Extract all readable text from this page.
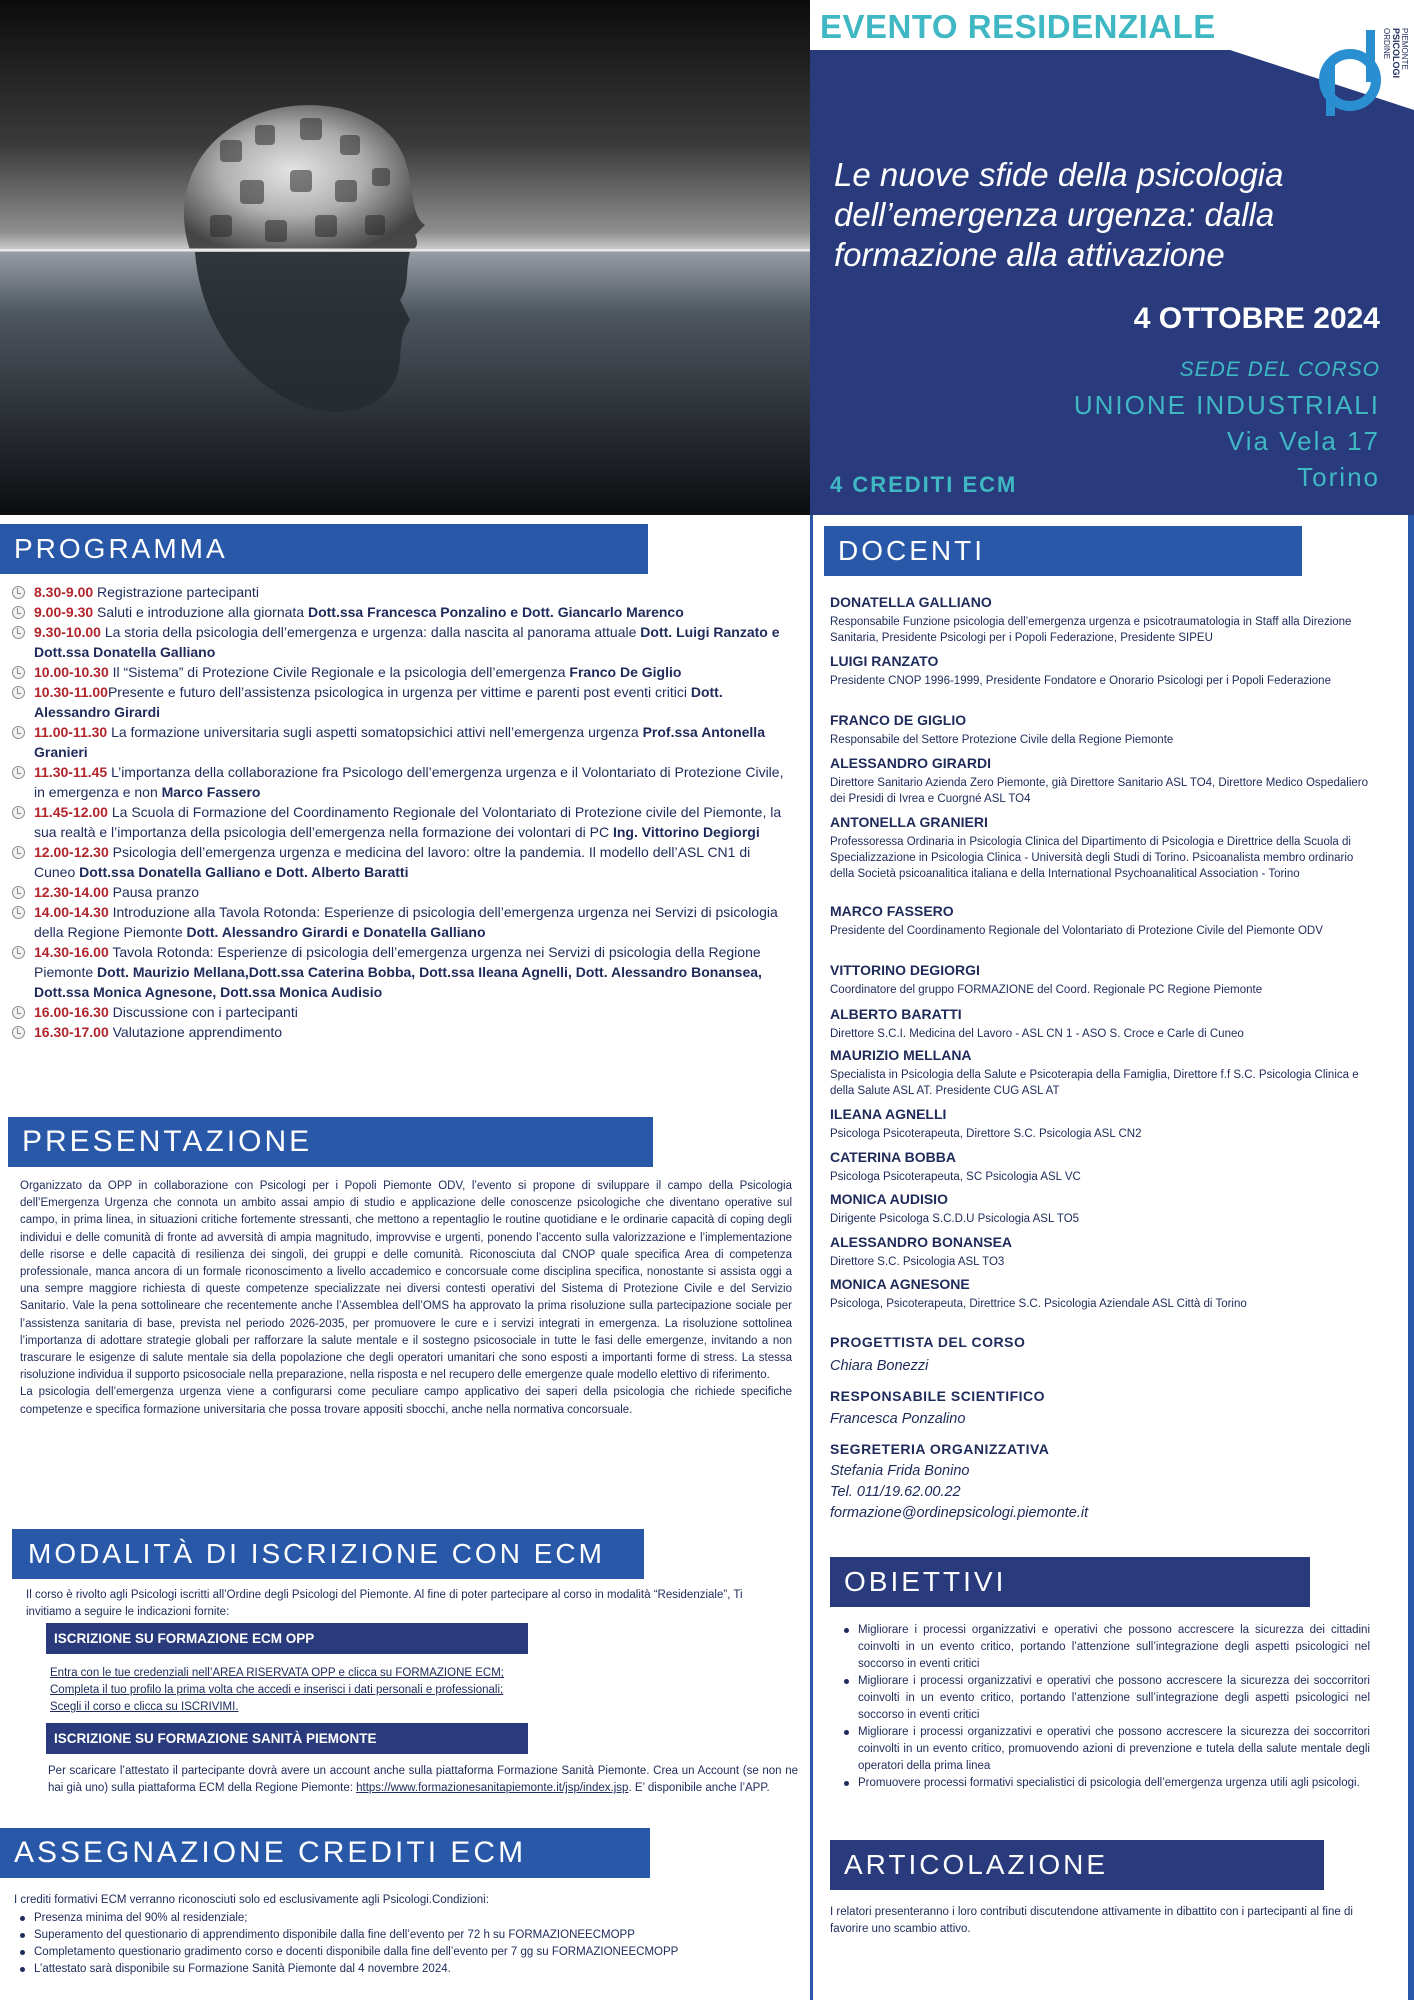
EVENTO RESIDENZIALE	ORDINE PSICOLOGI PIEMONTE
Le nuove sfide della psicologia dell’emergenza urgenza: dalla formazione alla attivazione
4 OTTOBRE 2024
SEDE DEL CORSO
UNIONE INDUSTRIALI
Via Vela 17
Torino
4 CREDITI ECM
PROGRAMMA
8.30-9.00 Registrazione partecipanti
9.00-9.30 Saluti e introduzione alla giornata Dott.ssa Francesca Ponzalino e Dott. Giancarlo Marenco
9.30-10.00 La storia della psicologia dell’emergenza e urgenza: dalla nascita al panorama attuale Dott. Luigi Ranzato e Dott.ssa Donatella Galliano
10.00-10.30 Il “Sistema” di Protezione Civile Regionale e la psicologia dell’emergenza Franco De Giglio
10.30-11.00Presente e futuro dell’assistenza psicologica in urgenza per vittime e parenti post eventi critici Dott. Alessandro Girardi
11.00-11.30 La formazione universitaria sugli aspetti somatopsichici attivi nell’emergenza urgenza Prof.ssa Antonella Granieri
11.30-11.45 L’importanza della collaborazione fra Psicologo dell’emergenza urgenza e il Volontariato di Protezione Civile, in emergenza e non Marco Fassero
11.45-12.00 La Scuola di Formazione del Coordinamento Regionale del Volontariato di Protezione civile del Piemonte, la sua realtà e l’importanza della psicologia dell’emergenza nella formazione dei volontari di PC Ing. Vittorino Degiorgi
12.00-12.30 Psicologia dell’emergenza urgenza e medicina del lavoro: oltre la pandemia. Il modello dell’ASL CN1 di Cuneo Dott.ssa Donatella Galliano e Dott. Alberto Baratti
12.30-14.00 Pausa pranzo
14.00-14.30 Introduzione alla Tavola Rotonda: Esperienze di psicologia dell’emergenza urgenza nei Servizi di psicologia della Regione Piemonte Dott. Alessandro Girardi e Donatella Galliano
14.30-16.00 Tavola Rotonda: Esperienze di psicologia dell’emergenza urgenza nei Servizi di psicologia della Regione Piemonte Dott. Maurizio Mellana,Dott.ssa Caterina Bobba, Dott.ssa Ileana Agnelli, Dott. Alessandro Bonansea, Dott.ssa Monica Agnesone, Dott.ssa Monica Audisio
16.00-16.30 Discussione con i partecipanti
16.30-17.00 Valutazione apprendimento
PRESENTAZIONE
Organizzato da OPP in collaborazione con Psicologi per i Popoli Piemonte ODV, l’evento si propone di sviluppare il campo della Psicologia dell’Emergenza Urgenza che connota un ambito assai ampio di studio e applicazione delle conoscenze psicologiche che diventano operative sul campo, in prima linea, in situazioni critiche fortemente stressanti, che mettono a repentaglio le routine quotidiane e le ordinarie capacità di coping degli individui e delle comunità di fronte ad avversità di ampia magnitudo, improvvise e urgenti, ponendo l’accento sulla valorizzazione e l’implementazione delle risorse e delle capacità di resilienza dei singoli, dei gruppi e delle comunità. Riconosciuta dal CNOP quale specifica Area di competenza professionale, manca ancora di un formale riconoscimento a livello accademico e concorsuale come disciplina specifica, nonostante si assista oggi a una sempre maggiore richiesta di queste competenze specializzate nei diversi contesti operativi del Sistema di Protezione Civile e del Servizio Sanitario. Vale la pena sottolineare che recentemente anche l’Assemblea dell’OMS ha approvato la prima risoluzione sulla partecipazione sociale per l’assistenza sanitaria di base, prevista nel periodo 2026-2035, per promuovere le cure e i servizi integrati in emergenza. La risoluzione sottolinea l’importanza di adottare strategie globali per rafforzare la salute mentale e il sostegno psicosociale in tutte le fasi delle emergenze, invitando a non trascurare le esigenze di salute mentale sia della popolazione che degli operatori umanitari che sono esposti a importanti forme di stress. La stessa risoluzione individua il supporto psicosociale nella preparazione, nella risposta e nel recupero delle emergenze quale modello elettivo di riferimento.
La psicologia dell’emergenza urgenza viene a configurarsi come peculiare campo applicativo dei saperi della psicologia che richiede specifiche competenze e specifica formazione universitaria che possa trovare appositi sbocchi, anche nella normativa concorsuale.
MODALITÀ DI ISCRIZIONE CON ECM
Il corso è rivolto agli Psicologi iscritti all’Ordine degli Psicologi del Piemonte. Al fine di poter partecipare al corso in modalità “Residenziale”, Ti invitiamo a seguire le indicazioni fornite:
ISCRIZIONE SU FORMAZIONE ECM OPP
Entra con le tue credenziali nell’AREA RISERVATA OPP e clicca su FORMAZIONE ECM;
Completa il tuo profilo la prima volta che accedi e inserisci i dati personali e professionali;
Scegli il corso e clicca su ISCRIVIMI.
ISCRIZIONE SU FORMAZIONE SANITÀ PIEMONTE
Per scaricare l’attestato il partecipante dovrà avere un account anche sulla piattaforma Formazione Sanità Piemonte. Crea un Account (se non ne hai già uno) sulla piattaforma ECM della Regione Piemonte: https://www.formazionesanitapiemonte.it/jsp/index.jsp. E’ disponibile anche l’APP.
ASSEGNAZIONE CREDITI ECM
I crediti formativi ECM verranno riconosciuti solo ed esclusivamente agli Psicologi.Condizioni:
Presenza minima del 90% al residenziale;
Superamento del questionario di apprendimento disponibile dalla fine dell’evento per 72 h su FORMAZIONEECMOPP
Completamento questionario gradimento corso e docenti disponibile dalla fine dell’evento per 7 gg su FORMAZIONEECMOPP
L’attestato sarà disponibile su Formazione Sanità Piemonte dal 4 novembre 2024.
DOCENTI
DONATELLA GALLIANO
Responsabile Funzione psicologia dell’emergenza urgenza e psicotraumatologia in Staff alla Direzione Sanitaria, Presidente Psicologi per i Popoli Federazione, Presidente SIPEU
LUIGI RANZATO
Presidente CNOP 1996-1999, Presidente Fondatore e Onorario Psicologi per i Popoli Federazione
FRANCO DE GIGLIO
Responsabile del Settore Protezione Civile della Regione Piemonte
ALESSANDRO GIRARDI
Direttore Sanitario Azienda Zero Piemonte, già Direttore Sanitario ASL TO4, Direttore Medico Ospedaliero dei Presidi di Ivrea e Cuorgné ASL TO4
ANTONELLA GRANIERI
Professoressa Ordinaria in Psicologia Clinica del Dipartimento di Psicologia e Direttrice della Scuola di Specializzazione in Psicologia Clinica - Università degli Studi di Torino. Psicoanalista membro ordinario della Società psicoanalitica italiana e della International Psychoanalitical Association - Torino
MARCO FASSERO
Presidente del Coordinamento Regionale del Volontariato di Protezione Civile del Piemonte ODV
VITTORINO DEGIORGI
Coordinatore del gruppo FORMAZIONE del Coord. Regionale PC Regione Piemonte
ALBERTO BARATTI
Direttore S.C.I. Medicina del Lavoro - ASL CN 1 - ASO S. Croce e Carle di Cuneo
MAURIZIO MELLANA
Specialista in Psicologia della Salute e Psicoterapia della Famiglia, Direttore f.f S.C. Psicologia Clinica e della Salute ASL AT. Presidente CUG ASL AT
ILEANA AGNELLI
Psicologa Psicoterapeuta, Direttore S.C. Psicologia ASL CN2
CATERINA BOBBA
Psicologa Psicoterapeuta, SC Psicologia ASL VC
MONICA AUDISIO
Dirigente Psicologa S.C.D.U Psicologia ASL TO5
ALESSANDRO BONANSEA
Direttore S.C. Psicologia ASL TO3
MONICA AGNESONE
Psicologa, Psicoterapeuta, Direttrice S.C. Psicologia Aziendale ASL Città di Torino
PROGETTISTA DEL CORSO
Chiara Bonezzi
RESPONSABILE SCIENTIFICO
Francesca Ponzalino
SEGRETERIA ORGANIZZATIVA
Stefania Frida Bonino
Tel. 011/19.62.00.22
formazione@ordinepsicologi.piemonte.it
OBIETTIVI
Migliorare i processi organizzativi e operativi che possono accrescere la sicurezza dei cittadini coinvolti in un evento critico, portando l’attenzione sull’integrazione degli aspetti psicologici nel soccorso in eventi critici
Migliorare i processi organizzativi e operativi che possono accrescere la sicurezza dei soccorritori coinvolti in un evento critico, portando l’attenzione sull’integrazione degli aspetti psicologici nel soccorso in eventi critici
Migliorare i processi organizzativi e operativi che possono accrescere la sicurezza dei soccorritori coinvolti in un evento critico, promuovendo azioni di prevenzione e tutela della salute mentale degli operatori della prima linea
Promuovere processi formativi specialistici di psicologia dell’emergenza urgenza utili agli psicologi.
ARTICOLAZIONE
I relatori presenteranno i loro contributi discutendone attivamente in dibattito con i partecipanti al fine di favorire uno scambio attivo.
